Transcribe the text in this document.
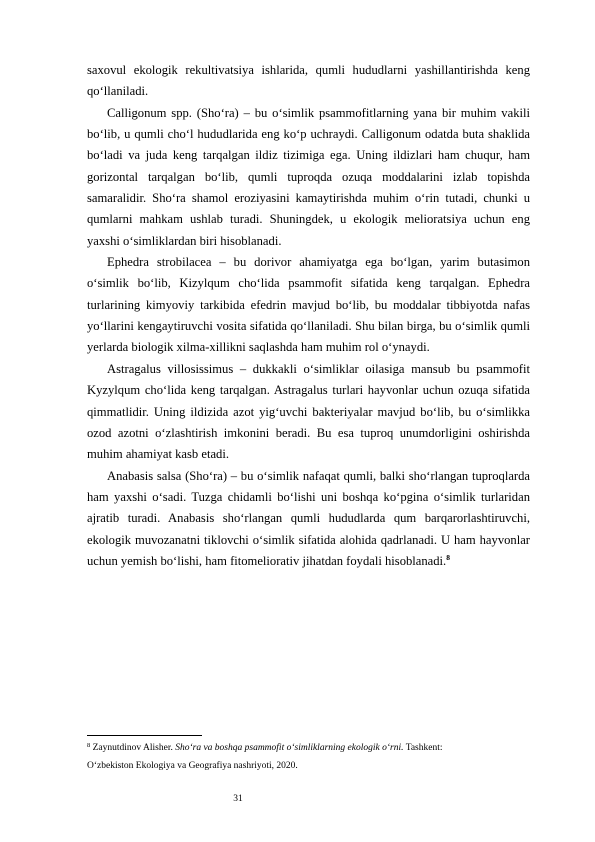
saxovul ekologik rekultivatsiya ishlarida, qumli hududlarni yashillantirishda keng qo‘llaniladi.

Calligonum spp. (Sho‘ra) – bu o‘simlik psammofitlarning yana bir muhim vakili bo‘lib, u qumli cho‘l hududlarida eng ko‘p uchraydi. Calligonum odatda buta shaklida bo‘ladi va juda keng tarqalgan ildiz tizimiga ega. Uning ildizlari ham chuqur, ham gorizontal tarqalgan bo‘lib, qumli tuproqda ozuqa moddalarini izlab topishda samaralidir. Sho‘ra shamol eroziyasini kamaytirishda muhim o‘rin tutadi, chunki u qumlarni mahkam ushlab turadi. Shuningdek, u ekologik melioratsiya uchun eng yaxshi o‘simliklardan biri hisoblanadi.

Ephedra strobilacea – bu dorivor ahamiyatga ega bo‘lgan, yarim butasimon o‘simlik bo‘lib, Kizylqum cho‘lida psammofit sifatida keng tarqalgan. Ephedra turlarining kimyoviy tarkibida efedrin mavjud bo‘lib, bu moddalar tibbiyotda nafas yo‘llarini kengaytiruvchi vosita sifatida qo‘llaniladi. Shu bilan birga, bu o‘simlik qumli yerlarda biologik xilma-xillikni saqlashda ham muhim rol o‘ynaydi.

Astragalus villosissimus – dukkakli o‘simliklar oilasiga mansub bu psammofit Kyzylqum cho‘lida keng tarqalgan. Astragalus turlari hayvonlar uchun ozuqa sifatida qimmatlidir. Uning ildizida azot yig‘uvchi bakteriyalar mavjud bo‘lib, bu o‘simlikka ozod azotni o‘zlashtirish imkonini beradi. Bu esa tuproq unumdorligini oshirishda muhim ahamiyat kasb etadi.

Anabasis salsa (Sho‘ra) – bu o‘simlik nafaqat qumli, balki sho‘rlangan tuproqlarda ham yaxshi o‘sadi. Tuzga chidamli bo‘lishi uni boshqa ko‘pgina o‘simlik turlaridan ajratib turadi. Anabasis sho‘rlangan qumli hududlarda qum barqarorlashtiruvchi, ekologik muvozanatni tiklovchi o‘simlik sifatida alohida qadrlanadi. U ham hayvonlar uchun yemish bo‘lishi, ham fitomeliorativ jihatdan foydali hisoblanadi.$^8$

$^8$ Zaynutdinov Alisher. Sho‘ra va boshqa psammofit o‘simliklarning ekologik o‘rni. Tashkent:
O‘zbekiston Ekologiya va Geografiya nashriyoti, 2020.
31
